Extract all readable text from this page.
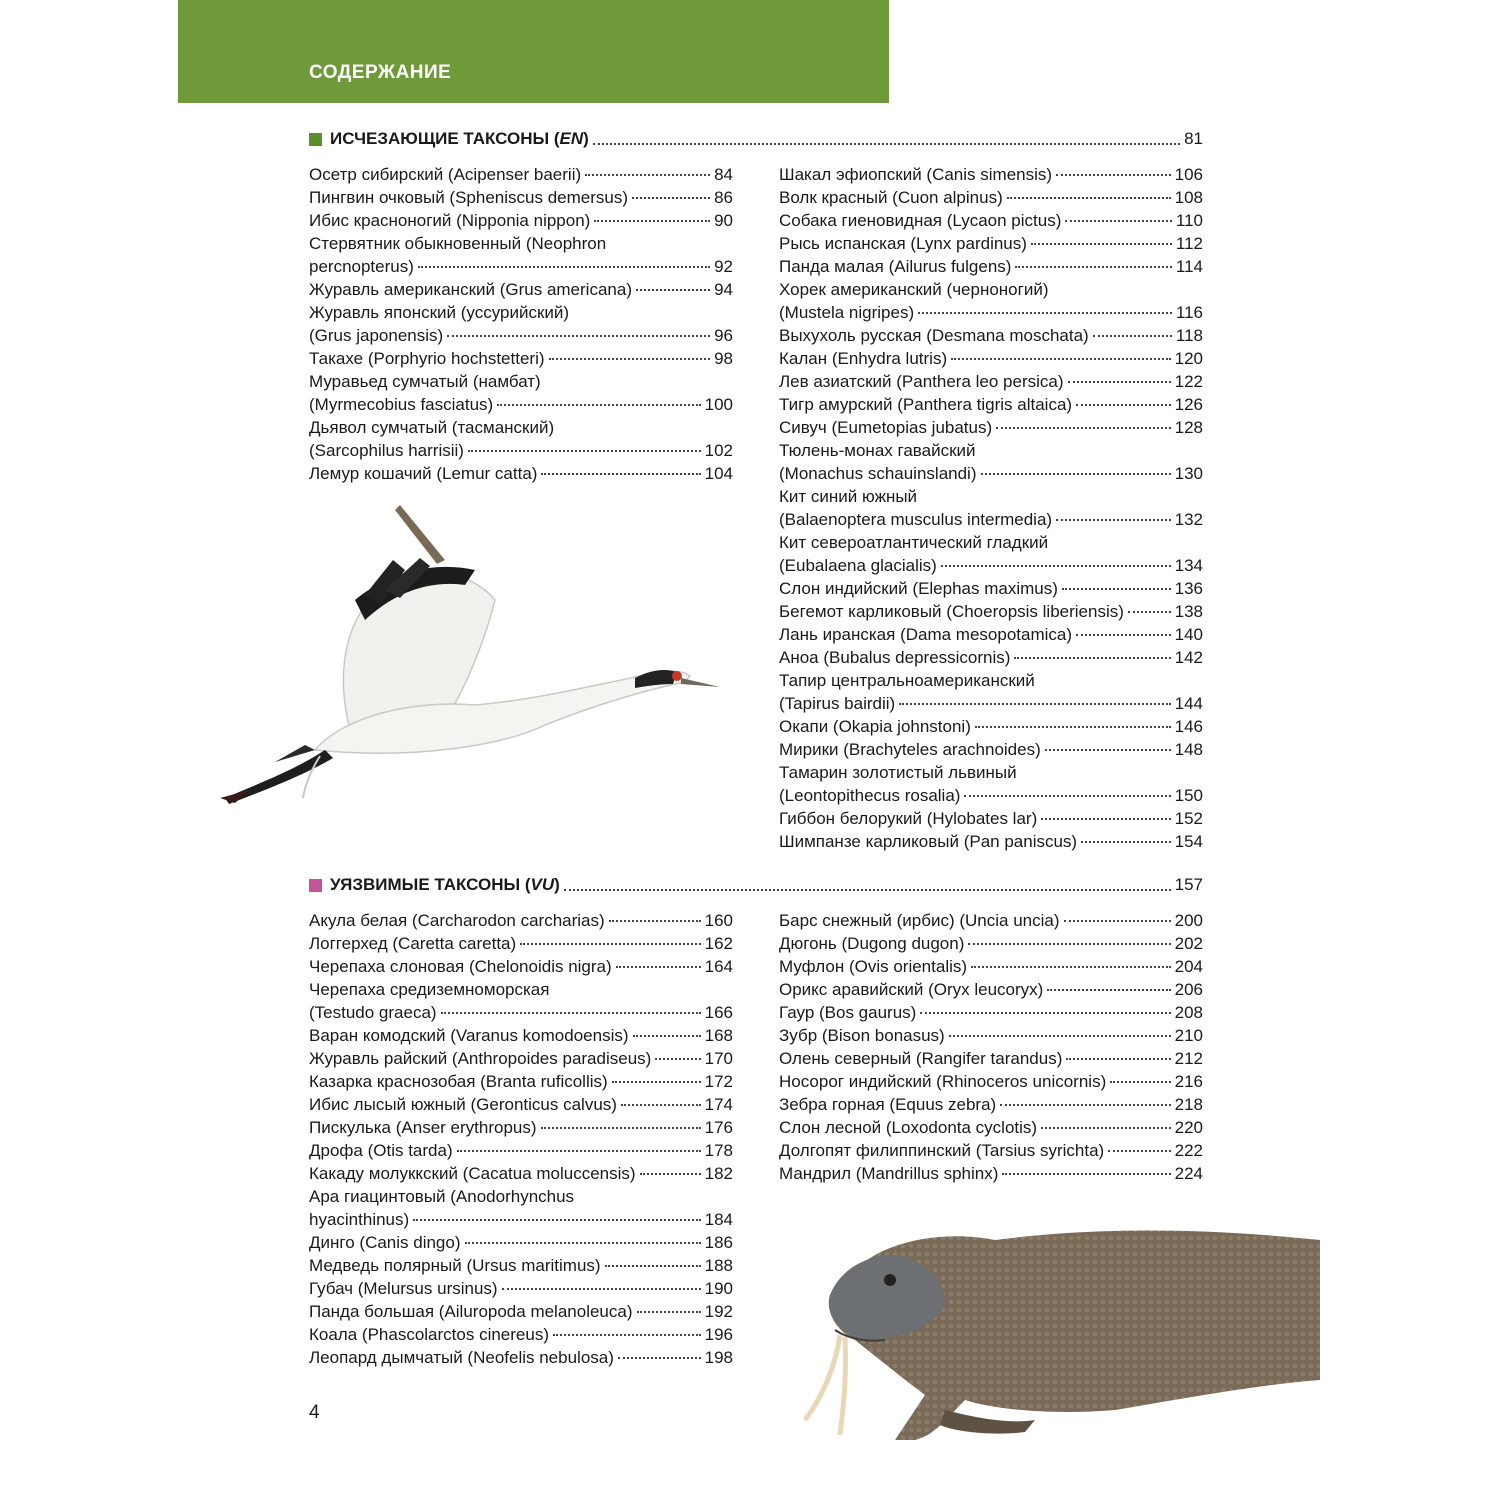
СОДЕРЖАНИЕ
ИСЧЕЗАЮЩИЕ ТАКСОНЫ (EN)	81
Осетр сибирский (Acipenser baerii)	84
Пингвин очковый (Spheniscus demersus)	86
Ибис красноногий (Nipponia nippon)	90
Стервятник обыкновенный (Neophron
percnopterus)	92
Журавль американский (Grus americana)	94
Журавль японский (уссурийский)
(Grus japonensis)	96
Такахе (Porphyrio hochstetteri)	98
Муравьед сумчатый (намбат)
(Myrmecobius fasciatus)	100
Дьявол сумчатый (тасманский)
(Sarcophilus harrisii)	102
Лемур кошачий (Lemur catta)	104
Шакал эфиопский (Canis simensis)	106
Волк красный (Cuon alpinus)	108
Собака гиеновидная (Lycaon pictus)	110
Рысь испанская (Lynx pardinus)	112
Панда малая (Ailurus fulgens)	114
Хорек американский (черноногий)
(Mustela nigripes)	116
Выхухоль русская (Desmana moschata)	118
Калан (Enhydra lutris)	120
Лев азиатский (Panthera leo persica)	122
Тигр амурский (Panthera tigris altaica)	126
Сивуч (Eumetopias jubatus)	128
Тюлень-монах гавайский
(Monachus schauinslandi)	130
Кит синий южный
(Balaenoptera musculus intermedia)	132
Кит североатлантический гладкий
(Eubalaena glacialis)	134
Слон индийский (Elephas maximus)	136
Бегемот карликовый (Choeropsis liberiensis)	138
Лань иранская (Dama mesopotamica)	140
Аноа (Bubalus depressicornis)	142
Тапир центральноамериканский
(Tapirus bairdii)	144
Окапи (Okapia johnstoni)	146
Мирики (Brachyteles arachnoides)	148
Тамарин золотистый львиный
(Leontopithecus rosalia)	150
Гиббон белорукий (Hylobates lar)	152
Шимпанзе карликовый (Pan paniscus)	154
УЯЗВИМЫЕ ТАКСОНЫ (VU)	157
Акула белая (Carcharodon carcharias)	160
Логгерхед (Caretta caretta)	162
Черепаха слоновая (Chelonoidis nigra)	164
Черепаха средиземноморская
(Testudo graeca)	166
Варан комодский (Varanus komodoensis)	168
Журавль райский (Anthropoides paradiseus)	170
Казарка краснозобая (Branta ruficollis)	172
Ибис лысый южный (Geronticus calvus)	174
Пискулька (Anser erythropus)	176
Дрофа (Otis tarda)	178
Какаду молуккский (Cacatua moluccensis)	182
Ара гиацинтовый (Anodorhynchus
hyacinthinus)	184
Динго (Canis dingo)	186
Медведь полярный (Ursus maritimus)	188
Губач (Melursus ursinus)	190
Панда большая (Ailuropoda melanoleuca)	192
Коала (Phascolarctos cinereus)	196
Леопард дымчатый (Neofelis nebulosa)	198
Барс снежный (ирбис) (Uncia uncia)	200
Дюгонь (Dugong dugon)	202
Муфлон (Ovis orientalis)	204
Орикс аравийский (Oryx leucoryx)	206
Гаур (Bos gaurus)	208
Зубр (Bison bonasus)	210
Олень северный (Rangifer tarandus)	212
Носорог индийский (Rhinoceros unicornis)	216
Зебра горная (Equus zebra)	218
Слон лесной (Loxodonta cyclotis)	220
Долгопят филиппинский (Tarsius syrichta)	222
Мандрил (Mandrillus sphinx)	224
4
